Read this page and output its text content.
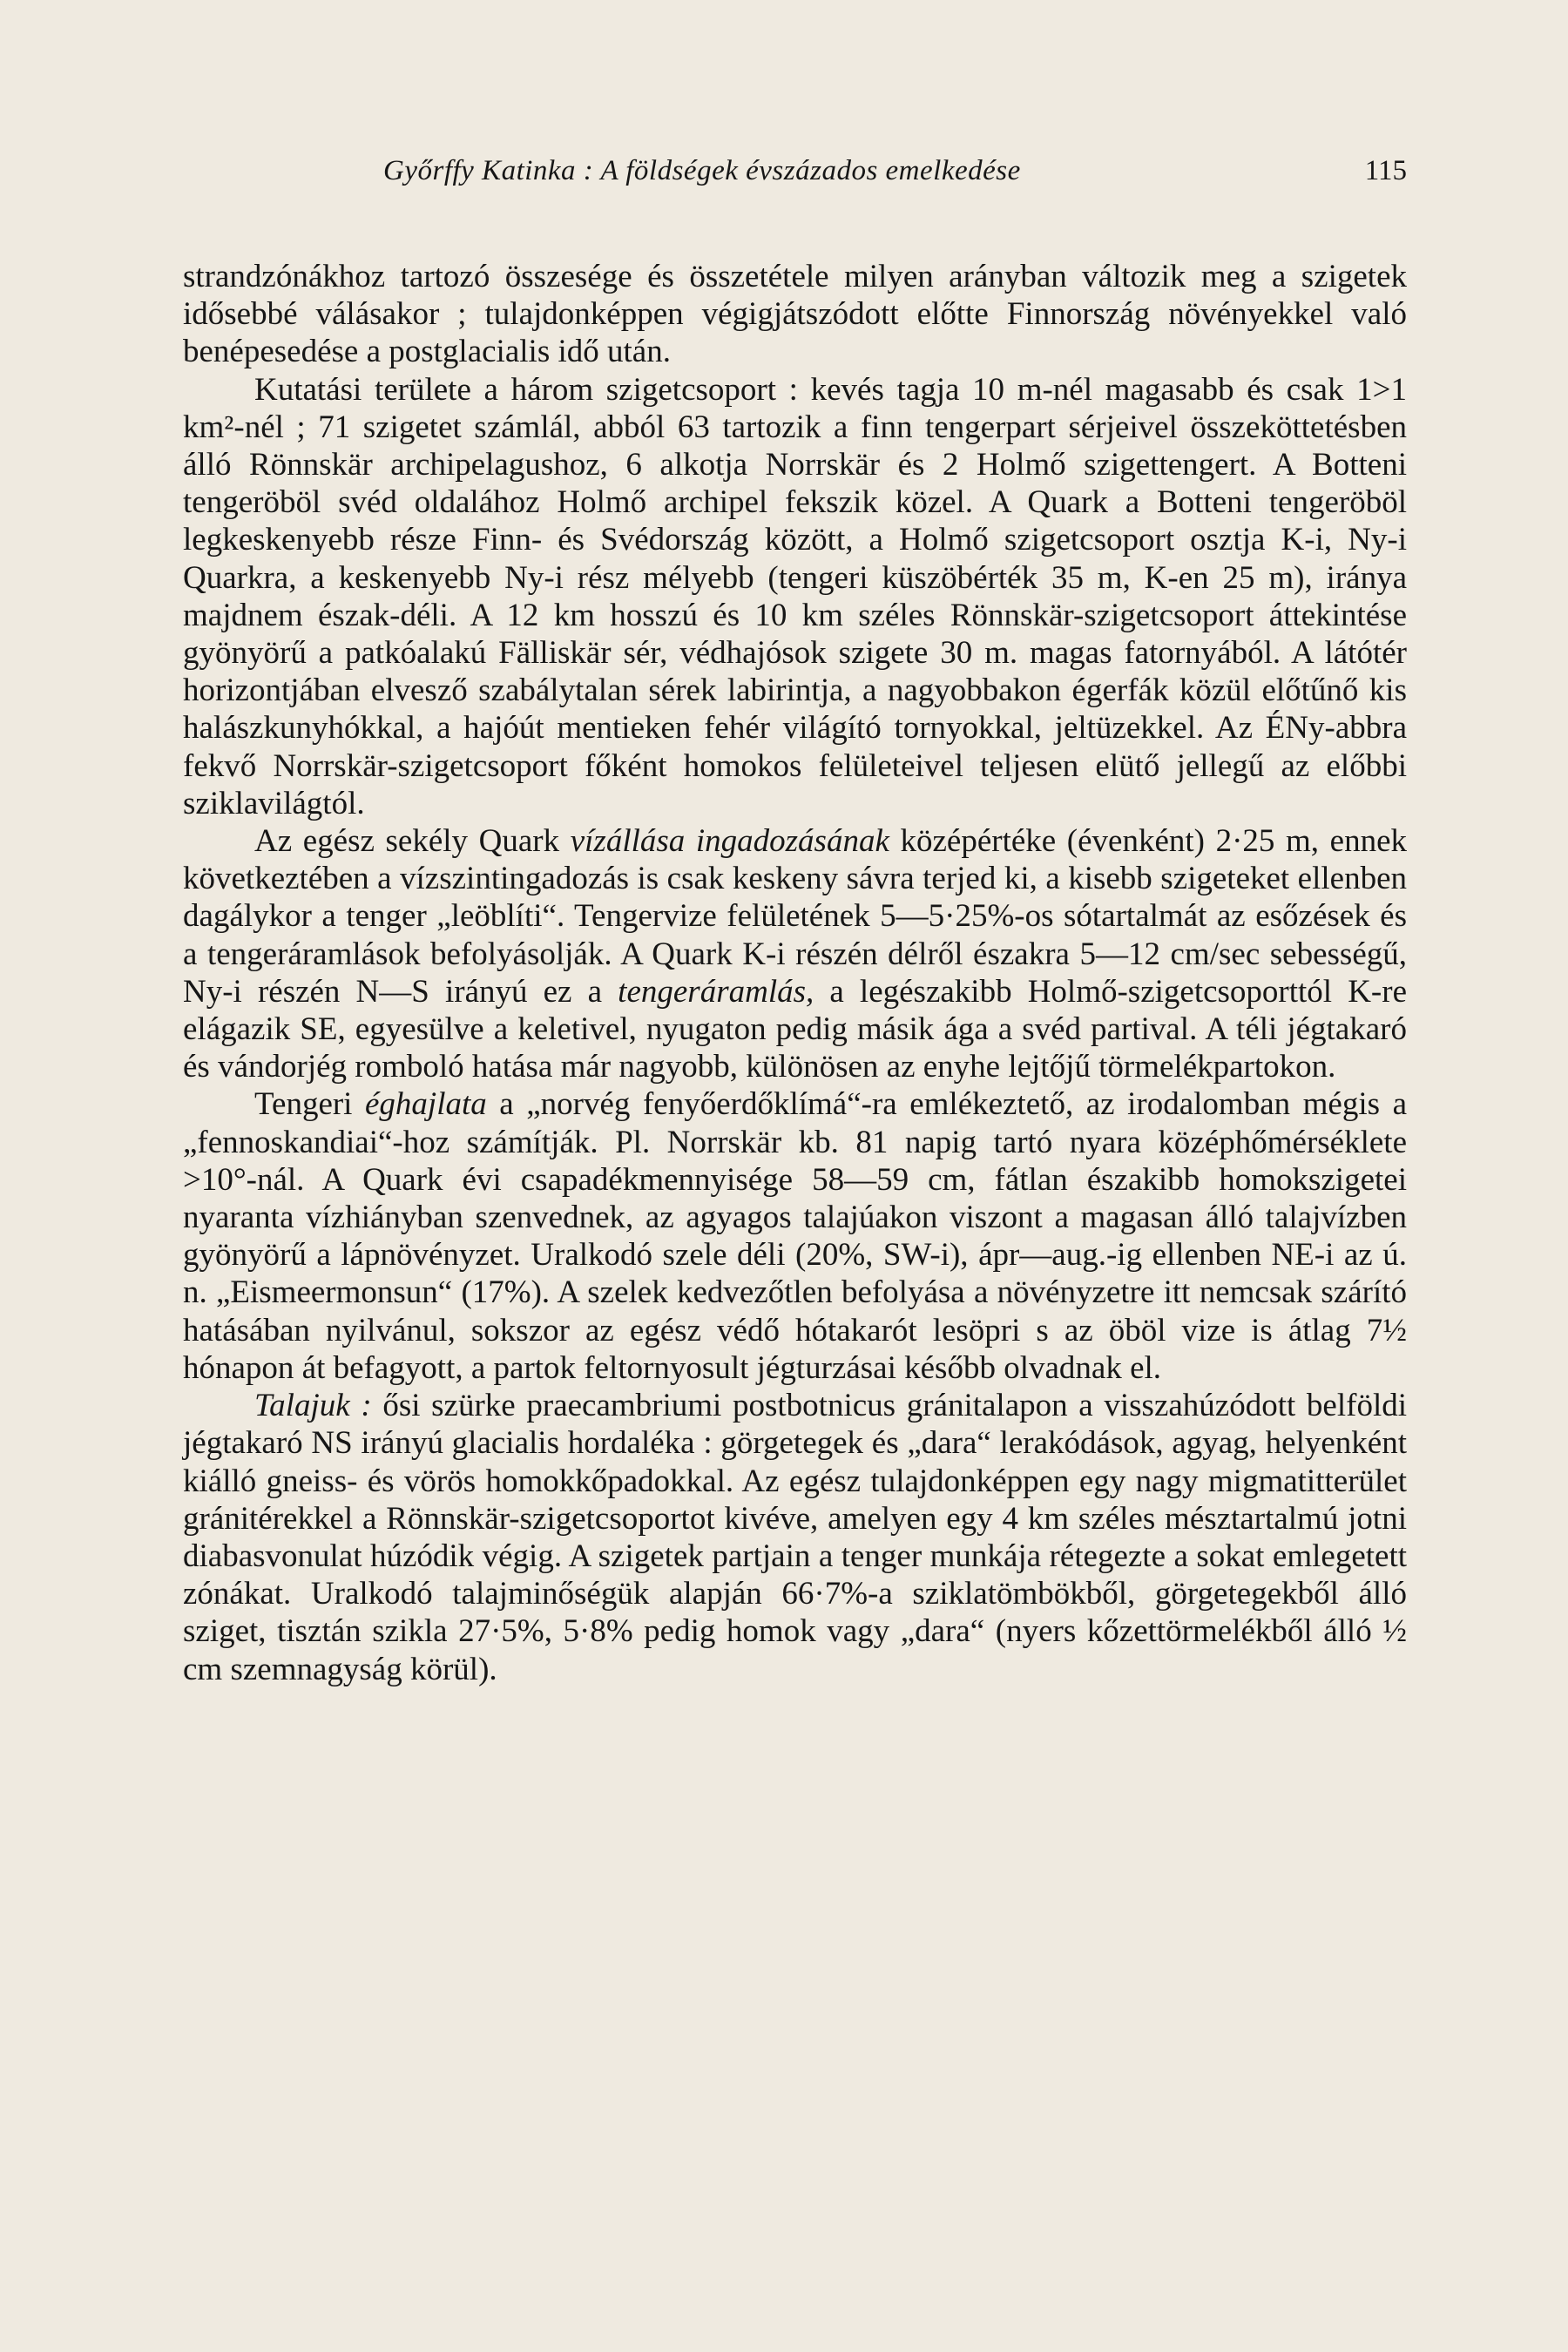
Győrffy Katinka : A földségek évszázados emelkedése	115

strandzónákhoz tartozó összesége és összetétele milyen arányban változik meg a szigetek idősebbé válásakor ; tulajdonképpen végigjátszódott előtte Finnország növényekkel való benépesedése a postglacialis idő után.

Kutatási területe a három szigetcsoport : kevés tagja 10 m-nél magasabb és csak 1>1 km²-nél ; 71 szigetet számlál, abból 63 tartozik a finn tengerpart sérjeivel összeköttetésben álló Rönnskär archipelagushoz, 6 alkotja Norrskär és 2 Holmő szigettengert. A Botteni tengeröböl svéd oldalához Holmő archipel fekszik közel. A Quark a Botteni tengeröböl legkeskenyebb része Finn- és Svédország között, a Holmő szigetcsoport osztja K-i, Ny-i Quarkra, a keskenyebb Ny-i rész mélyebb (tengeri küszöbérték 35 m, K-en 25 m), iránya majdnem észak-déli. A 12 km hosszú és 10 km széles Rönnskär-szigetcsoport áttekintése gyönyörű a patkóalakú Fälliskär sér, védhajósok szigete 30 m. magas fatornyából. A látótér horizontjában elvesző szabálytalan sérek labirintja, a nagyobbakon égerfák közül előtűnő kis halászkunyhókkal, a hajóút mentieken fehér világító tornyokkal, jeltüzekkel. Az ÉNy-abbra fekvő Norrskär-szigetcsoport főként homokos felületeivel teljesen elütő jellegű az előbbi sziklavilágtól.

Az egész sekély Quark vízállása ingadozásának középértéke (évenként) 2·25 m, ennek következtében a vízszintingadozás is csak keskeny sávra terjed ki, a kisebb szigeteket ellenben dagálykor a tenger „leöblíti“. Tengervize felületének 5—5·25%-os sótartalmát az esőzések és a tengeráramlások befolyásolják. A Quark K-i részén délről északra 5—12 cm/sec sebességű, Ny-i részén N—S irányú ez a tengeráramlás, a legészakibb Holmő-szigetcsoporttól K-re elágazik SE, egyesülve a keletivel, nyugaton pedig másik ága a svéd partival. A téli jégtakaró és vándorjég romboló hatása már nagyobb, különösen az enyhe lejtőjű törmelékpartokon.

Tengeri éghajlata a „norvég fenyőerdőklímá“-ra emlékeztető, az irodalomban mégis a „fennoskandiai“-hoz számítják. Pl. Norrskär kb. 81 napig tartó nyara középhőmérséklete >10°-nál. A Quark évi csapadékmennyisége 58—59 cm, fátlan északibb homokszigetei nyaranta vízhiányban szenvednek, az agyagos talajúakon viszont a magasan álló talajvízben gyönyörű a lápnövényzet. Uralkodó szele déli (20%, SW-i), ápr—aug.-ig ellenben NE-i az ú. n. „Eismeermonsun“ (17%). A szelek kedvezőtlen befolyása a növényzetre itt nemcsak szárító hatásában nyilvánul, sokszor az egész védő hótakarót lesöpri s az öböl vize is átlag 7½ hónapon át befagyott, a partok feltornyosult jégturzásai később olvadnak el.

Talajuk : ősi szürke praecambriumi postbotnicus gránitalapon a visszahúzódott belföldi jégtakaró NS irányú glacialis hordaléka : görgetegek és „dara“ lerakódások, agyag, helyenként kiálló gneiss- és vörös homokkőpadokkal. Az egész tulajdonképpen egy nagy migmatitterület gránitérekkel a Rönnskär-szigetcsoportot kivéve, amelyen egy 4 km széles mésztartalmú jotni diabasvonulat húzódik végig. A szigetek partjain a tenger munkája rétegezte a sokat emlegetett zónákat. Uralkodó talajminőségük alapján 66·7%-a sziklatömbökből, görgetegekből álló sziget, tisztán szikla 27·5%, 5·8% pedig homok vagy „dara“ (nyers kőzettörmelékből álló ½ cm szemnagyság körül).
